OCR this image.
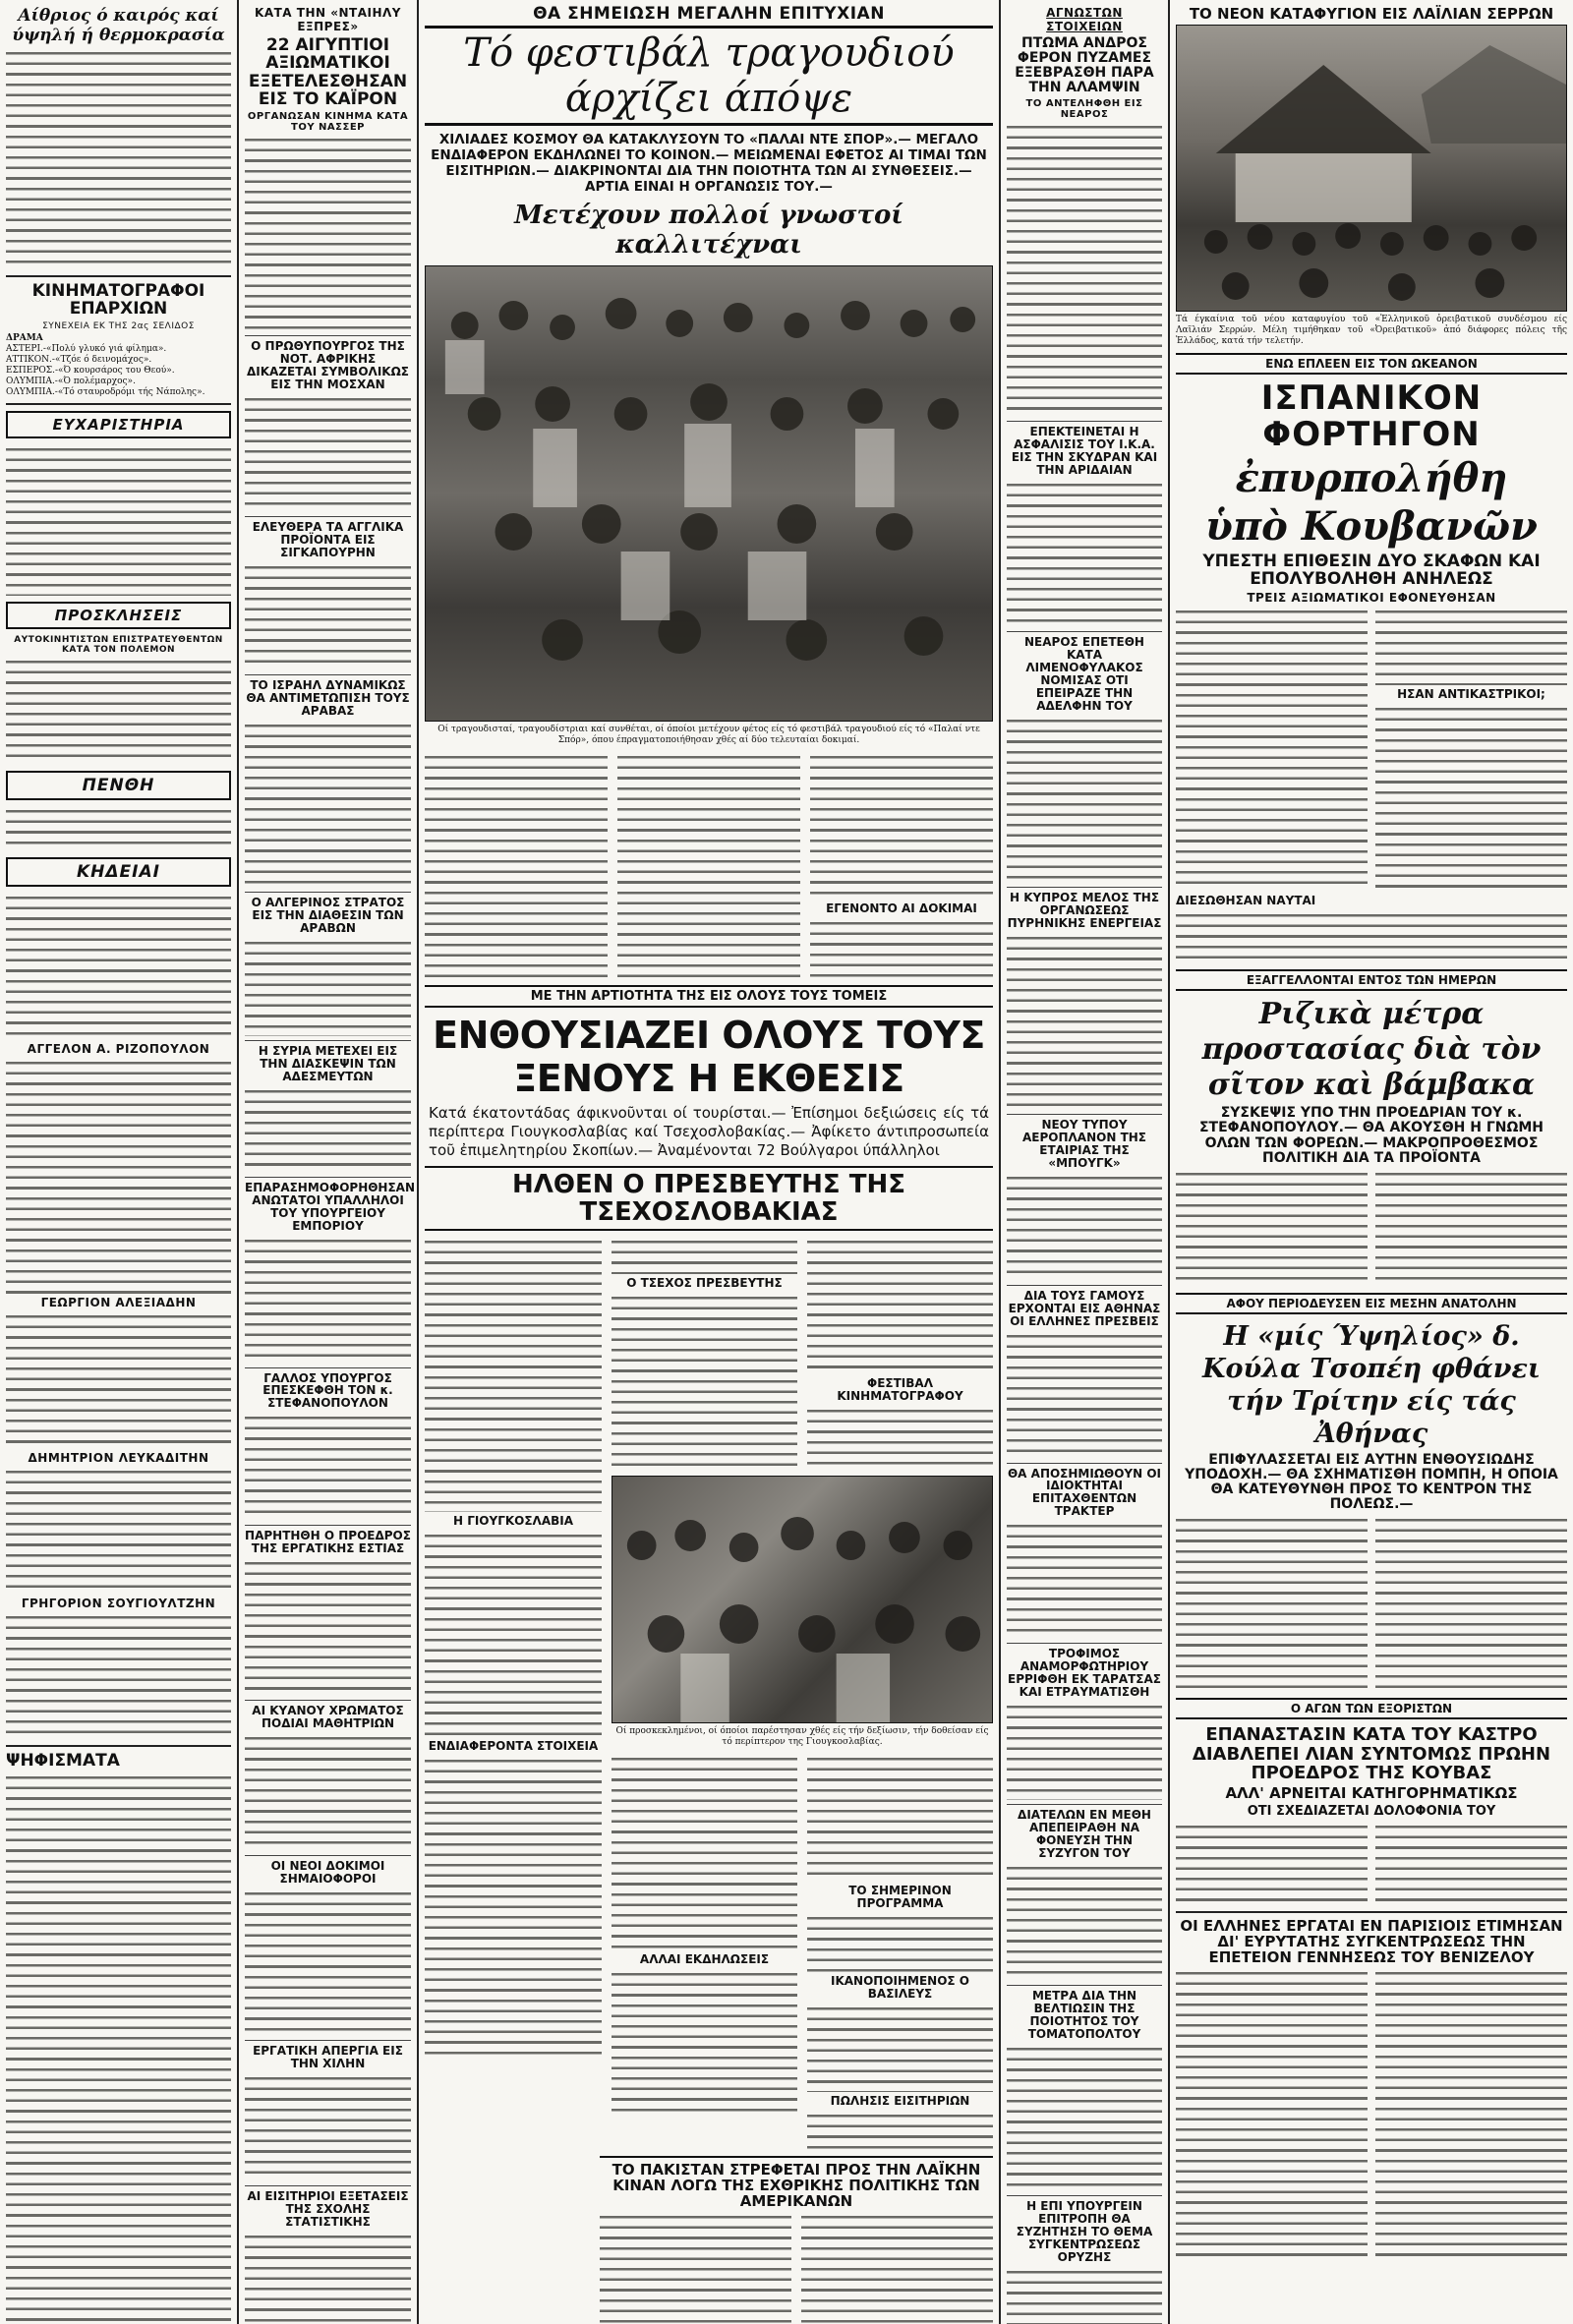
Αίθριος ό καιρός καί ύψηλή ή θερμοκρασία
ΚΙΝΗΜΑΤΟΓΡΑΦΟΙ ΕΠΑΡΧΙΩΝ
ΣΥΝΕΧΕΙΑ ΕΚ ΤΗΣ 2ας ΣΕΛΙΔΟΣ
ΔΡΑΜΑ
ΑΣΤΕΡΙ.-«Πολύ γλυκό γιά φίλημα».
ΑΤΤΙΚΟΝ.-«Τζόε ό δεινομάχος».
ΕΣΠΕΡΟΣ.-«Ό κουρσάρος του Θεού».
ΟΛΥΜΠΙΑ.-«Ό πολέμαρχος».
ΟΛΥΜΠΙΑ.-«Τό σταυροδρόμι τής Νάπολης».
ΕΥΧΑΡΙΣΤΗΡΙΑ
ΠΡΟΣΚΛΗΣΕΙΣ
ΑΥΤΟΚΙΝΗΤΙΣΤΩΝ ΕΠΙΣΤΡΑΤΕΥΘΕΝΤΩΝ ΚΑΤΑ ΤΟΝ ΠΟΛΕΜΟΝ
ΠΕΝΘΗ
ΚΗΔΕΙΑΙ
ΑΓΓΕΛΟΝ Α. ΡΙΖΟΠΟΥΛΟΝ
ΓΕΩΡΓΙΟΝ ΑΛΕΞΙΑΔΗΝ
ΔΗΜΗΤΡΙΟΝ ΛΕΥΚΑΔΙΤΗΝ
ΓΡΗΓΟΡΙΟΝ ΣΟΥΓΙΟΥΛΤΖΗΝ
ΨΗΦΙΣΜΑΤΑ
ΚΑΤΑ ΤΗΝ «ΝΤΑΙΗΛΥ ΕΞΠΡΕΣ»
22 ΑΙΓΥΠΤΙΟΙ ΑΞΙΩΜΑΤΙΚΟΙ ΕΞΕΤΕΛΕΣΘΗΣΑΝ ΕΙΣ ΤΟ ΚΑΪΡΟΝ
ΟΡΓΑΝΩΣΑΝ ΚΙΝΗΜΑ ΚΑΤΑ ΤΟΥ ΝΑΣΣΕΡ
Ο ΠΡΩΘΥΠΟΥΡΓΟΣ ΤΗΣ ΝΟΤ. ΑΦΡΙΚΗΣ ΔΙΚΑΖΕΤΑΙ ΣΥΜΒΟΛΙΚΩΣ ΕΙΣ ΤΗΝ ΜΟΣΧΑΝ
ΕΛΕΥΘΕΡΑ ΤΑ ΑΓΓΛΙΚΑ ΠΡΟΪΟΝΤΑ ΕΙΣ ΣΙΓΚΑΠΟΥΡΗΝ
ΤΟ ΙΣΡΑΗΛ ΔΥΝΑΜΙΚΩΣ ΘΑ ΑΝΤΙΜΕΤΩΠΙΣΗ ΤΟΥΣ ΑΡΑΒΑΣ
Ο ΑΛΓΕΡΙΝΟΣ ΣΤΡΑΤΟΣ ΕΙΣ ΤΗΝ ΔΙΑΘΕΣΙΝ ΤΩΝ ΑΡΑΒΩΝ
Η ΣΥΡΙΑ ΜΕΤΕΧΕΙ ΕΙΣ ΤΗΝ ΔΙΑΣΚΕΨΙΝ ΤΩΝ ΑΔΕΣΜΕΥΤΩΝ
ΕΠΑΡΑΣΗΜΟΦΟΡΗΘΗΣΑΝ ΑΝΩΤΑΤΟΙ ΥΠΑΛΛΗΛΟΙ ΤΟΥ ΥΠΟΥΡΓΕΙΟΥ ΕΜΠΟΡΙΟΥ
ΓΑΛΛΟΣ ΥΠΟΥΡΓΟΣ ΕΠΕΣΚΕΦΘΗ ΤΟΝ κ. ΣΤΕΦΑΝΟΠΟΥΛΟΝ
ΠΑΡΗΤΗΘΗ Ο ΠΡΟΕΔΡΟΣ ΤΗΣ ΕΡΓΑΤΙΚΗΣ ΕΣΤΙΑΣ
ΑΙ ΚΥΑΝΟΥ ΧΡΩΜΑΤΟΣ ΠΟΔΙΑΙ ΜΑΘΗΤΡΙΩΝ
ΟΙ ΝΕΟΙ ΔΟΚΙΜΟΙ ΣΗΜΑΙΟΦΟΡΟΙ
ΕΡΓΑΤΙΚΗ ΑΠΕΡΓΙΑ ΕΙΣ ΤΗΝ ΧΙΛΗΝ
ΑΙ ΕΙΣΙΤΗΡΙΟΙ ΕΞΕΤΑΣΕΙΣ ΤΗΣ ΣΧΟΛΗΣ ΣΤΑΤΙΣΤΙΚΗΣ
ΘΑ ΣΗΜΕΙΩΣΗ ΜΕΓΑΛΗΝ ΕΠΙΤΥΧΙΑΝ
Τό φεστιβάλ τραγουδιού άρχίζει άπόψε
ΧΙΛΙΑΔΕΣ ΚΟΣΜΟΥ ΘΑ ΚΑΤΑΚΛΥΣΟΥΝ ΤΟ «ΠΑΛΑΙ ΝΤΕ ΣΠΟΡ».— ΜΕΓΑΛΟ ΕΝΔΙΑΦΕΡΟΝ ΕΚΔΗΛΩΝΕΙ ΤΟ ΚΟΙΝΟΝ.— ΜΕΙΩΜΕΝΑΙ ΕΦΕΤΟΣ ΑΙ ΤΙΜΑΙ ΤΩΝ ΕΙΣΙΤΗΡΙΩΝ.— ΔΙΑΚΡΙΝΟΝΤΑΙ ΔΙΑ ΤΗΝ ΠΟΙΟΤΗΤΑ ΤΩΝ ΑΙ ΣΥΝΘΕΣΕΙΣ.— ΑΡΤΙΑ ΕΙΝΑΙ Η ΟΡΓΑΝΩΣΙΣ ΤΟΥ.—
Μετέχουν πολλοί γνωστοί καλλιτέχναι
Οί τραγουδισταί, τραγουδίστριαι καί συνθέται, οί όποίοι μετέχουν φέτος είς τό φεστιβάλ τραγουδιού είς τό «Παλαί ντε Σπόρ», όπου έπραγματοποιήθησαν χθές αί δύο τελευταίαι δοκιμαί.
ΕΓΕΝΟΝΤΟ ΑΙ ΔΟΚΙΜΑΙ
ΜΕ ΤΗΝ ΑΡΤΙΟΤΗΤΑ ΤΗΣ ΕΙΣ ΟΛΟΥΣ ΤΟΥΣ ΤΟΜΕΙΣ
ΕΝΘΟΥΣΙΑΖΕΙ ΟΛΟΥΣ ΤΟΥΣ ΞΕΝΟΥΣ Η ΕΚΘΕΣΙΣ
Κατά έκατοντάδας άφικνοῦνται οί τουρίσται.— Ἐπίσημοι δεξιώσεις είς τά περίπτερα Γιουγκοσλαβίας καί Τσεχοσλοβακίας.— Ἀφίκετο άντιπροσωπεία τοῦ ἐπιμελητηρίου Σκοπίων.— Ἀναμένονται 72 Βούλγαροι ύπάλληλοι
ΗΛΘΕΝ Ο ΠΡΕΣΒΕΥΤΗΣ ΤΗΣ ΤΣΕΧΟΣΛΟΒΑΚΙΑΣ
Η ΓΙΟΥΓΚΟΣΛΑΒΙΑ
ΕΝΔΙΑΦΕΡΟΝΤΑ ΣΤΟΙΧΕΙΑ
Ο ΤΣΕΧΟΣ ΠΡΕΣΒΕΥΤΗΣ
ΦΕΣΤΙΒΑΛ ΚΙΝΗΜΑΤΟΓΡΑΦΟΥ
Οί προσκεκλημένοι, οί όποίοι παρέστησαν χθές είς τήν δεξίωσιν, τήν δοθείσαν είς τό περίπτερον της Γιουγκοσλαβίας.
ΑΛΛΑΙ ΕΚΔΗΛΩΣΕΙΣ
ΤΟ ΣΗΜΕΡΙΝΟΝ ΠΡΟΓΡΑΜΜΑ
ΙΚΑΝΟΠΟΙΗΜΕΝΟΣ Ο ΒΑΣΙΛΕΥΣ
ΠΩΛΗΣΙΣ ΕΙΣΙΤΗΡΙΩΝ
ΤΟ ΠΑΚΙΣΤΑΝ ΣΤΡΕΦΕΤΑΙ ΠΡΟΣ ΤΗΝ ΛΑΪΚΗΝ ΚΙΝΑΝ ΛΟΓΩ ΤΗΣ ΕΧΘΡΙΚΗΣ ΠΟΛΙΤΙΚΗΣ ΤΩΝ ΑΜΕΡΙΚΑΝΩΝ
ΑΓΝΩΣΤΩΝ ΣΤΟΙΧΕΙΩΝ
ΠΤΩΜΑ ΑΝΔΡΟΣ ΦΕΡΟΝ ΠΥΖΑΜΕΣ ΕΞΕΒΡΑΣΘΗ ΠΑΡΑ ΤΗΝ ΑΛΑΜΨΙΝ
ΤΟ ΑΝΤΕΛΗΦΘΗ ΕΙΣ ΝΕΑΡΟΣ
ΕΠΕΚΤΕΙΝΕΤΑΙ Η ΑΣΦΑΛΙΣΙΣ ΤΟΥ Ι.Κ.Α. ΕΙΣ ΤΗΝ ΣΚΥΔΡΑΝ ΚΑΙ ΤΗΝ ΑΡΙΔΑΙΑΝ
ΝΕΑΡΟΣ ΕΠΕΤΕΘΗ ΚΑΤΑ ΛΙΜΕΝΟΦΥΛΑΚΟΣ ΝΟΜΙΣΑΣ ΟΤΙ ΕΠΕΙΡΑΖΕ ΤΗΝ ΑΔΕΛΦΗΝ ΤΟΥ
Η ΚΥΠΡΟΣ ΜΕΛΟΣ ΤΗΣ ΟΡΓΑΝΩΣΕΩΣ ΠΥΡΗΝΙΚΗΣ ΕΝΕΡΓΕΙΑΣ
ΝΕΟΥ ΤΥΠΟΥ ΑΕΡΟΠΛΑΝΟΝ ΤΗΣ ΕΤΑΙΡΙΑΣ ΤΗΣ «ΜΠΟΥΓΚ»
ΔΙΑ ΤΟΥΣ ΓΑΜΟΥΣ ΕΡΧΟΝΤΑΙ ΕΙΣ ΑΘΗΝΑΣ ΟΙ ΕΛΛΗΝΕΣ ΠΡΕΣΒΕΙΣ
ΘΑ ΑΠΟΣΗΜΙΩΘΟΥΝ ΟΙ ΙΔΙΟΚΤΗΤΑΙ ΕΠΙΤΑΧΘΕΝΤΩΝ ΤΡΑΚΤΕΡ
ΤΡΟΦΙΜΟΣ ΑΝΑΜΟΡΦΩΤΗΡΙΟΥ ΕΡΡΙΦΘΗ ΕΚ ΤΑΡΑΤΣΑΣ ΚΑΙ ΕΤΡΑΥΜΑΤΙΣΘΗ
ΔΙΑΤΕΛΩΝ ΕΝ ΜΕΘΗ ΑΠΕΠΕΙΡΑΘΗ ΝΑ ΦΟΝΕΥΣΗ ΤΗΝ ΣΥΖΥΓΟΝ ΤΟΥ
ΜΕΤΡΑ ΔΙΑ ΤΗΝ ΒΕΛΤΙΩΣΙΝ ΤΗΣ ΠΟΙΟΤΗΤΟΣ ΤΟΥ ΤΟΜΑΤΟΠΟΛΤΟΥ
Η ΕΠΙ ΥΠΟΥΡΓΕΙΝ ΕΠΙΤΡΟΠΗ ΘΑ ΣΥΖΗΤΗΣΗ ΤΟ ΘΕΜΑ ΣΥΓΚΕΝΤΡΩΣΕΩΣ ΟΡΥΖΗΣ
ΤΟ ΝΕΟΝ ΚΑΤΑΦΥΓΙΟΝ ΕΙΣ ΛΑΪΛΙΑΝ ΣΕΡΡΩΝ
Τά έγκαίνια τοῦ νέου καταφυγίου τοῦ «Ἑλληνικοῦ ὀρειβατικοῦ συνδέσμου είς Λαϊλιάν Σερρών. Μέλη τιμήθηκαν τοῦ «Ὀρειβατικοῦ» ἀπό διάφορες πόλεις τῆς Ἑλλάδος, κατά τήν τελετήν.
ΕΝΩ ΕΠΛΕΕΝ ΕΙΣ ΤΟΝ ΩΚΕΑΝΟΝ
ΙΣΠΑΝΙΚΟΝ ΦΟΡΤΗΓΟΝ
ἐπυρπολήθη
ὑπὸ Κουβανῶν
ΥΠΕΣΤΗ ΕΠΙΘΕΣΙΝ ΔΥΟ ΣΚΑΦΩΝ ΚΑΙ ΕΠΟΛΥΒΟΛΗΘΗ ΑΝΗΛΕΩΣ
ΤΡΕΙΣ ΑΞΙΩΜΑΤΙΚΟΙ ΕΦΟΝΕΥΘΗΣΑΝ
ΗΣΑΝ ΑΝΤΙΚΑΣΤΡΙΚΟΙ;
ΔΙΕΣΩΘΗΣΑΝ ΝΑΥΤΑΙ
ΕΞΑΓΓΕΛΛΟΝΤΑΙ ΕΝΤΟΣ ΤΩΝ ΗΜΕΡΩΝ
Ριζικὰ μέτρα προστασίας διὰ τὸν σῖτον καὶ βάμβακα
ΣΥΣΚΕΨΙΣ ΥΠΟ ΤΗΝ ΠΡΟΕΔΡΙΑΝ ΤΟΥ κ. ΣΤΕΦΑΝΟΠΟΥΛΟΥ.— ΘΑ ΑΚΟΥΣΘΗ Η ΓΝΩΜΗ ΟΛΩΝ ΤΩΝ ΦΟΡΕΩΝ.— ΜΑΚΡΟΠΡΟΘΕΣΜΟΣ ΠΟΛΙΤΙΚΗ ΔΙΑ ΤΑ ΠΡΟΪΟΝΤΑ
ΑΦΟΥ ΠΕΡΙΟΔΕΥΣΕΝ ΕΙΣ ΜΕΣΗΝ ΑΝΑΤΟΛΗΝ
Η «μίς Ύψηλίος» δ. Κούλα Τσοπέη φθάνει τήν Τρίτην είς τάς Ἀθήνας
ΕΠΙΦΥΛΑΣΣΕΤΑΙ ΕΙΣ ΑΥΤΗΝ ΕΝΘΟΥΣΙΩΔΗΣ ΥΠΟΔΟΧΗ.— ΘΑ ΣΧΗΜΑΤΙΣΘΗ ΠΟΜΠΗ, Η ΟΠΟΙΑ ΘΑ ΚΑΤΕΥΘΥΝΘΗ ΠΡΟΣ ΤΟ ΚΕΝΤΡΟΝ ΤΗΣ ΠΟΛΕΩΣ.—
Ο ΑΓΩΝ ΤΩΝ ΕΞΟΡΙΣΤΩΝ
ΕΠΑΝΑΣΤΑΣΙΝ ΚΑΤΑ ΤΟΥ ΚΑΣΤΡΟ ΔΙΑΒΛΕΠΕΙ ΛΙΑΝ ΣΥΝΤΟΜΩΣ ΠΡΩΗΝ ΠΡΟΕΔΡΟΣ ΤΗΣ ΚΟΥΒΑΣ
ΑΛΛ' ΑΡΝΕΙΤΑΙ ΚΑΤΗΓΟΡΗΜΑΤΙΚΩΣ
ΟΤΙ ΣΧΕΔΙΑΖΕΤΑΙ ΔΟΛΟΦΟΝΙΑ ΤΟΥ
ΟΙ ΕΛΛΗΝΕΣ ΕΡΓΑΤΑΙ ΕΝ ΠΑΡΙΣΙΟΙΣ ΕΤΙΜΗΣΑΝ ΔΙ' ΕΥΡΥΤΑΤΗΣ ΣΥΓΚΕΝΤΡΩΣΕΩΣ ΤΗΝ ΕΠΕΤΕΙΟΝ ΓΕΝΝΗΣΕΩΣ ΤΟΥ ΒΕΝΙΖΕΛΟΥ
